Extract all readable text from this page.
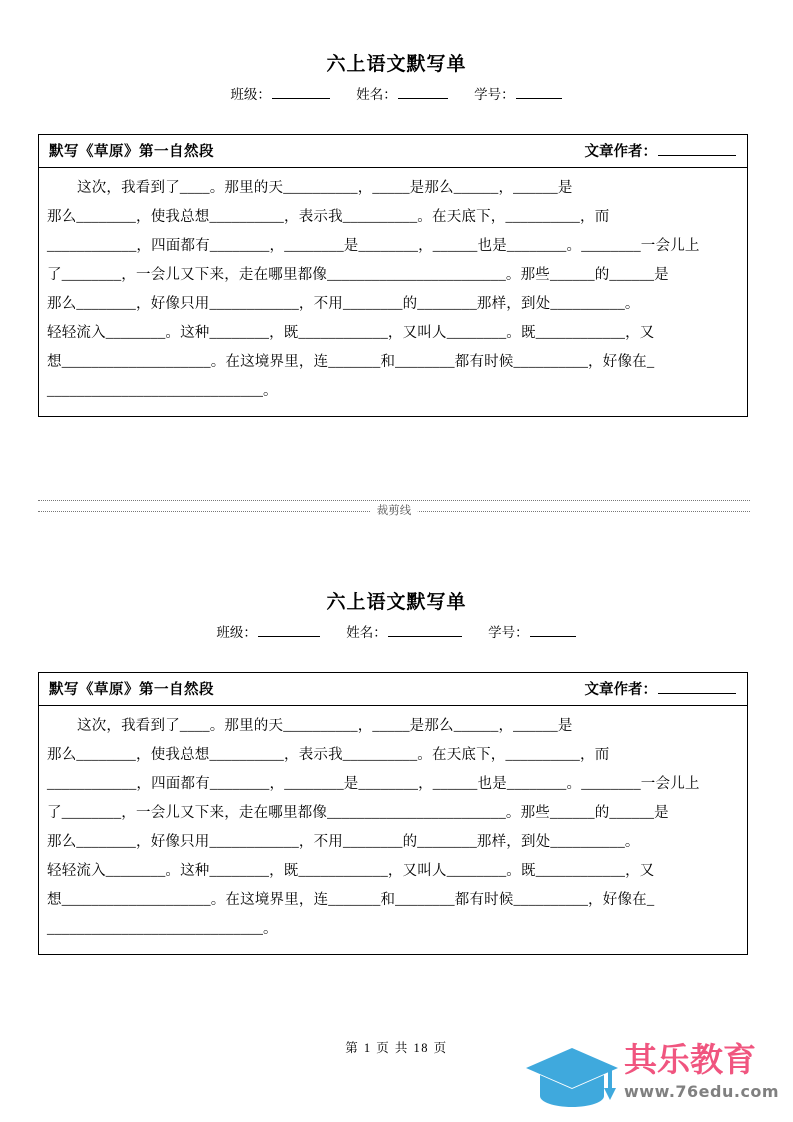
六上语文默写单
班级：	姓名：	学号：
默写《草原》第一自然段	文章作者：
这次，我看到了____。那里的天__________，_____是那么______，______是
那么________，使我总想__________，表示我__________。在天底下，__________，而
____________，四面都有________，________是________，______也是________。________一会儿上
了________，一会儿又下来，走在哪里都像________________________。那些______的______是
那么________，好像只用____________，不用________的________那样，到处__________。
轻轻流入________。这种________，既____________，又叫人________。既____________，又
想____________________。在这境界里，连_______和________都有时候__________，好像在_
_____________________________。
裁剪线
六上语文默写单
班级：	姓名：	学号：
默写《草原》第一自然段	文章作者：
这次，我看到了____。那里的天__________，_____是那么______，______是
那么________，使我总想__________，表示我__________。在天底下，__________，而
____________，四面都有________，________是________，______也是________。________一会儿上
了________，一会儿又下来，走在哪里都像________________________。那些______的______是
那么________，好像只用____________，不用________的________那样，到处__________。
轻轻流入________。这种________，既____________，又叫人________。既____________，又
想____________________。在这境界里，连_______和________都有时候__________，好像在_
_____________________________。
第 1 页 共 18 页	其乐教育
www.76edu.com
